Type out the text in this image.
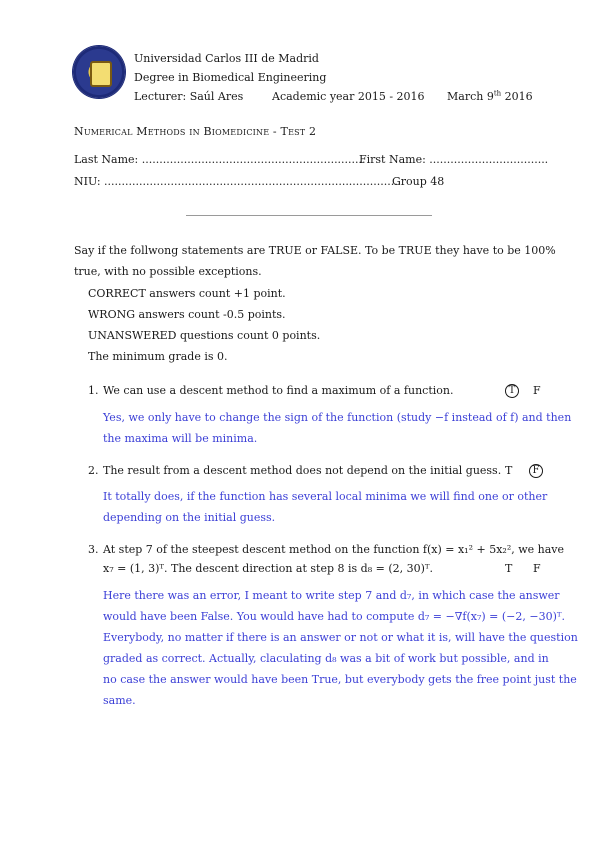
Universidad Carlos III de Madrid
Degree in Biomedical Engineering
Lecturer: Saúl Ares	Academic year 2015 - 2016 March 9th 2016
Numerical Methods in Biomedicine - Test 2
Last Name: ................................................................
First Name: ..................................
NIU: .....................................................................................
Group 48
Say if the follwong statements are TRUE or FALSE. To be TRUE they have to be 100%
true, with no possible exceptions.
CORRECT answers count +1 point.
WRONG answers count -0.5 points.
UNANSWERED questions count 0 points.
The minimum grade is 0.
1. We can use a descent method to find a maximum of a function.	T	F
Yes, we only have to change the sign of the function (study −f instead of f) and then
the maxima will be minima.
2. The result from a descent method does not depend on the initial guess. T	F
It totally does, if the function has several local minima we will find one or other
depending on the initial guess.
3. At step 7 of the steepest descent method on the function f(x) = x₁² + 5x₂², we have
x₇ = (1, 3)ᵀ. The descent direction at step 8 is d₈ = (2, 30)ᵀ.	T F
Here there was an error, I meant to write step 7 and d₇, in which case the answer
would have been False. You would have had to compute d₇ = −∇f(x₇) = (−2, −30)ᵀ.
Everybody, no matter if there is an answer or not or what it is, will have the question
graded as correct. Actually, claculating d₈ was a bit of work but possible, and in
no case the answer would have been True, but everybody gets the free point just the
same.
